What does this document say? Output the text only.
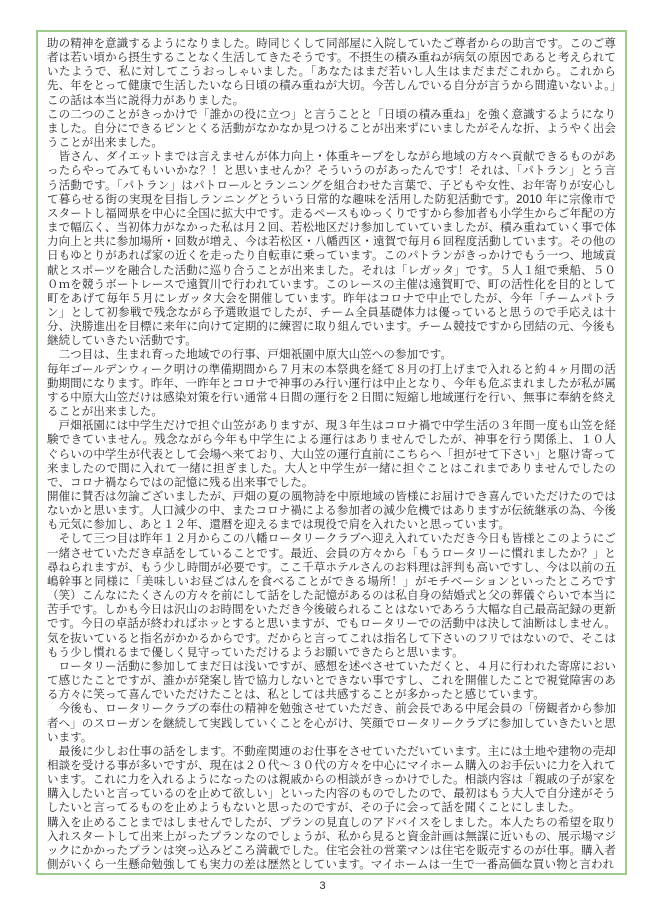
助の精神を意識するようになりました。時同じくして同部屋に入院していたご尊者からの助言です。このご尊者は若い頃から摂生することなく生活してきたそうです。不摂生の積み重ねが病気の原因であると考えられていたようで、私に対してこうおっしゃいました。「あなたはまだ若いし人生はまだまだこれから。これから先、年をとって健康で生活したいなら日頃の積み重ねが大切。今苦しんでいる自分が言うから間違いないよ。」この話は本当に説得力がありました。

この二つのことがきっかけで「誰かの役に立つ」と言うことと「日頃の積み重ね」を強く意識するようになりました。自分にできるピンとくる活動がなかなか見つけることが出来ずにいましたがそんな折、ようやく出会うことが出来ました。

　皆さん、ダイエットまでは言えませんが体力向上・体重キープをしながら地域の方々へ貢献できるものがあったらやってみてもいいかな？！と思いませんか？そういうのがあったんです！それは、「パトラン」とう言う活動です。「パトラン」はパトロールとランニングを組合わせた言葉で、子どもや女性、お年寄りが安心して暮らせる街の実現を目指しランニングとういう日常的な趣味を活用した防犯活動です。2010 年に宗像市でスタートし福岡県を中心に全国に拡大中です。走るペースもゆっくりですから参加者も小学生からご年配の方まで幅広く、当初体力がなかった私は月２回、若松地区だけ参加していていましたが、積み重ねていく事で体力向上と共に参加場所・回数が増え、今は若松区・八幡西区・遠賀で毎月６回程度活動しています。その他の日もゆとりがあれば家の近くを走ったり自転車に乗っています。このパトランがきっかけでもう一つ、地域貢献とスポーツを融合した活動に巡り合うことが出来ました。それは「レガッタ」です。５人１組で乗船、５００ｍを競うボートレースで遠賀川で行われています。このレースの主催は遠賀町で、町の活性化を目的として町をあげて毎年５月にレガッタ大会を開催しています。昨年はコロナで中止でしたが、今年「チームパトラン」として初参戦で残念ながら予選敗退でしたが、チーム全員基礎体力は優っていると思うので手応えは十分、決勝進出を目標に来年に向けて定期的に練習に取り組んでいます。チーム競技ですから団結の元、今後も継続していきたい活動です。

　二つ目は、生まれ育った地域での行事、戸畑祇園中原大山笠への参加です。

毎年ゴールデンウィーク明けの準備期間から７月末の本祭典を経て８月の打上げまで入れると約４ヶ月間の活動期間になります。昨年、一昨年とコロナで神事のみ行い運行は中止となり、今年も危ぶまれましたが私が属する中原大山笠だけは感染対策を行い通常４日間の運行を２日間に短縮し地域運行を行い、無事に奉納を終えることが出来ました。

　戸畑祇園には中学生だけで担ぐ山笠がありますが、現３年生はコロナ禍で中学生活の３年間一度も山笠を経験できていません。残念ながら今年も中学生による運行はありませんでしたが、神事を行う関係上、１０人ぐらいの中学生が代表として会場へ来ており、大山笠の運行直前にこちらへ「担がせて下さい」と駆け寄って来ましたので間に入れて一緒に担ぎました。大人と中学生が一緒に担ぐことはこれまでありませんでしたので、コロナ禍ならではの記憶に残る出来事でした。

開催に賛否は勿論ございましたが、戸畑の夏の風物詩を中原地域の皆様にお届けでき喜んでいただけたのではないかと思います。人口減少の中、またコロナ禍による参加者の減少危機ではありますが伝統継承の為、今後も元気に参加し、あと１２年、還暦を迎えるまでは現役で肩を入れたいと思っています。

　そして三つ目は昨年１２月からこの八幡ロータリークラブへ迎え入れていただき今日も皆様とこのようにご一緒させていただき卓話をしていることです。最近、会員の方々から「もうロータリーに慣れましたか？」と尋ねられますが、もう少し時間が必要です。ここ千草ホテルさんのお料理は評判も高いですし、今は以前の五嶋幹事と同様に「美味しいお昼ごはんを食べることができる場所！」がモチベーションといったところです（笑）こんなにたくさんの方々を前にして話をした記憶があるのは私自身の結婚式と父の葬儀ぐらいで本当に苦手です。しかも今日は沢山のお時間をいただき今後破られることはないであろう大幅な自己最高記録の更新です。今日の卓話が終わればホッとすると思いますが、でもロータリーでの活動中は決して油断はしません。気を抜いていると指名がかかるからです。だからと言ってこれは指名して下さいのフリではないので、そこはもう少し慣れるまで優しく見守っていただけるようお願いできたらと思います。

　ロータリー活動に参加してまだ日は浅いですが、感想を述べさせていただくと、４月に行われた寄席において感じたことですが、誰かが発案し皆で協力しないとできない事ですし、これを開催したことで視覚障害のある方々に笑って喜んでいただけたことは、私としては共感することが多かったと感じています。

　今後も、ロータリークラブの奉仕の精神を勉強させていただき、前会長である中尾会員の「傍観者から参加者へ」のスローガンを継続して実践していくことを心がけ、笑顔でロータリークラブに参加していきたいと思います。

　最後に少しお仕事の話をします。不動産関連のお仕事をさせていただいています。主には土地や建物の売却相談を受ける事が多いですが、現在は２０代～３０代の方々を中心にマイホーム購入のお手伝いに力を入れています。これに力を入れるようになったのは親戚からの相談がきっかけでした。相談内容は「親戚の子が家を購入したいと言っているのを止めて欲しい」といった内容のものでしたので、最初はもう大人で自分達がそうしたいと言ってるものを止めようもないと思ったのですが、その子に会って話を聞くことにしました。

購入を止めることまではしませんでしたが、プランの見直しのアドバイスをしました。本人たちの希望を取り入れスタートして出来上がったプランなのでしょうが、私から見ると資金計画は無謀に近いもの、展示場マジックにかかったプランは突っ込みどころ満載でした。住宅会社の営業マンは住宅を販売するのが仕事。購入者側がいくら一生懸命勉強しても実力の差は歴然としています。マイホームは一生で一番高価な買い物と言われ

3
